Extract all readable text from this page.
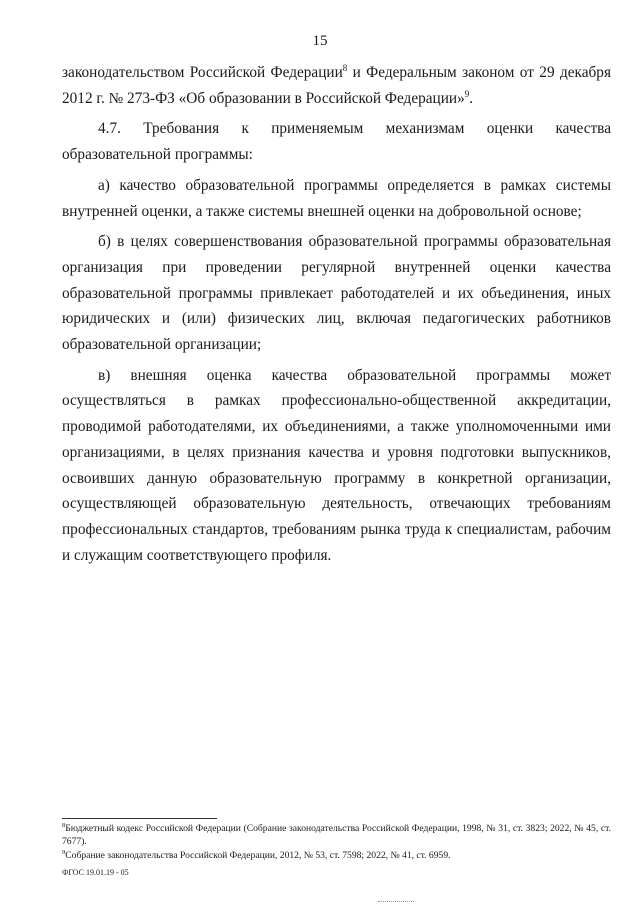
15

законодательством Российской Федерации$^8$ и Федеральным законом от 29 декабря 2012 г. № 273-ФЗ «Об образовании в Российской Федерации»$^9$.

4.7. Требования к применяемым механизмам оценки качества образовательной программы:

а) качество образовательной программы определяется в рамках системы внутренней оценки, а также системы внешней оценки на добровольной основе;

б) в целях совершенствования образовательной программы образовательная организация при проведении регулярной внутренней оценки качества образовательной программы привлекает работодателей и их объединения, иных юридических и (или) физических лиц, включая педагогических работников образовательной организации;

в) внешняя оценка качества образовательной программы может осуществляться в рамках профессионально-общественной аккредитации, проводимой работодателями, их объединениями, а также уполномоченными ими организациями, в целях признания качества и уровня подготовки выпускников, освоивших данную образовательную программу в конкретной организации, осуществляющей образовательную деятельность, отвечающих требованиям профессиональных стандартов, требованиям рынка труда к специалистам, рабочим и служащим соответствующего профиля.

$^8$Бюджетный кодекс Российской Федерации (Собрание законодательства Российской Федерации, 1998, № 31, ст. 3823; 2022, № 45, ст. 7677).

$^9$Собрание законодательства Российской Федерации, 2012, № 53, ст. 7598; 2022, № 41, ст. 6959.

ФГОС 19.01.19 - 05
